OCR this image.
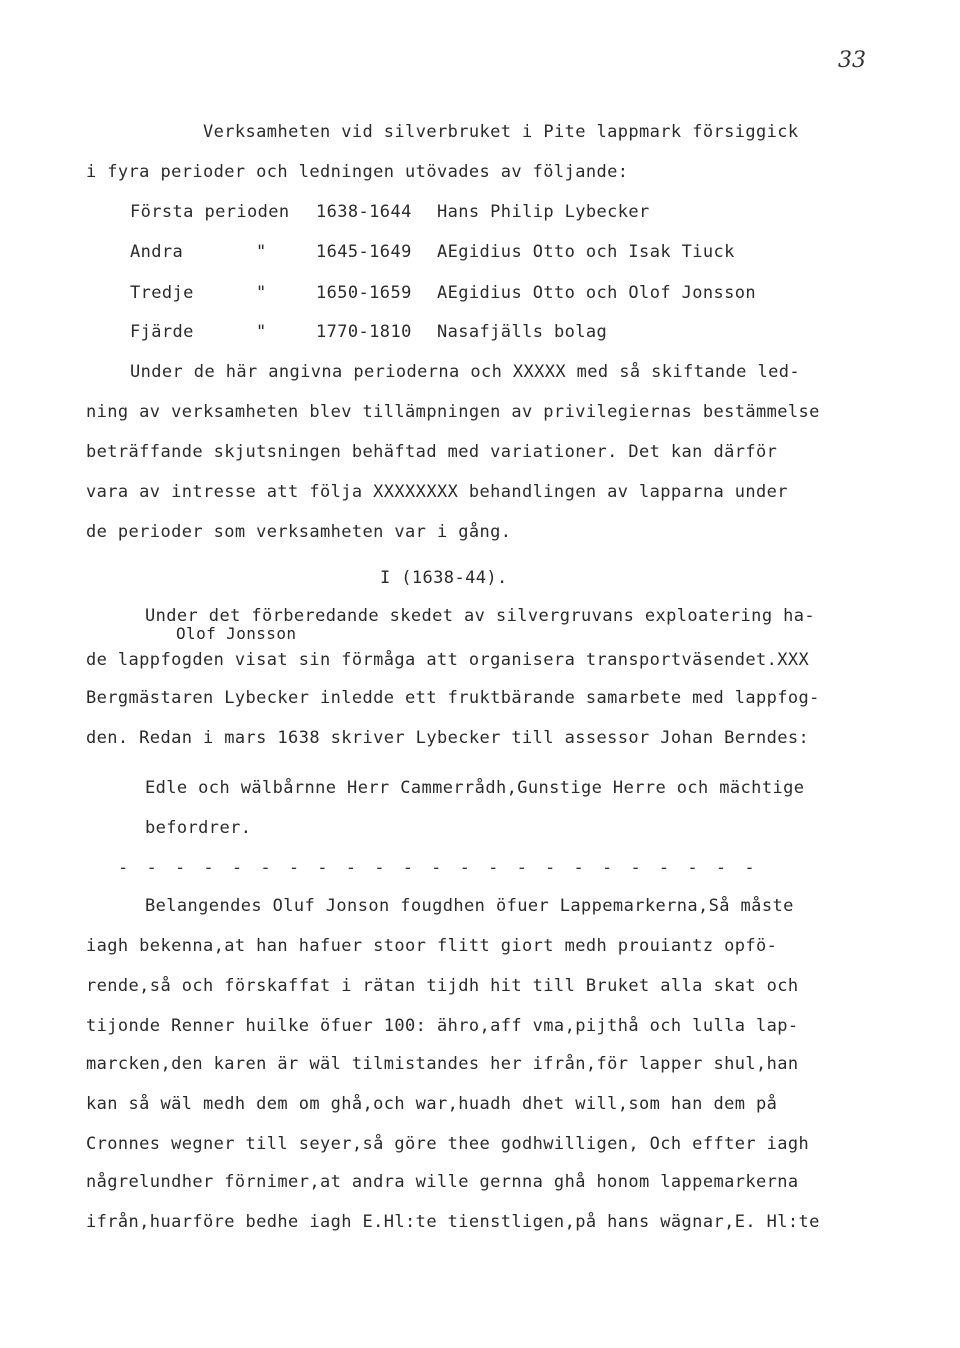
33
Verksamheten vid silverbruket i Pite lappmark försiggick
i fyra perioder och ledningen utövades av följande:
Första perioden 1638-1644 Hans Philip Lybecker
Andra	"	1645-1649 AEgidius Otto och Isak Tiuck
Tredje	"	1650-1659 AEgidius Otto och Olof Jonsson
Fjärde	"	1770-1810 Nasafjälls bolag
Under de här angivna perioderna och XXXXX med så skiftande led-
ning av verksamheten blev tillämpningen av privilegiernas bestämmelse
beträffande skjutsningen behäftad med variationer. Det kan därför
vara av intresse att följa XXXXXXXX behandlingen av lapparna under
de perioder som verksamheten var i gång.
I (1638-44).
Under det förberedande skedet av silvergruvans exploatering ha-
Olof Jonsson
de lappfogden visat sin förmåga att organisera transportväsendet.XXX
Bergmästaren Lybecker inledde ett fruktbärande samarbete med lappfog-
den. Redan i mars 1638 skriver Lybecker till assessor Johan Berndes:
Edle och wälbårnne Herr Cammerrådh,Gunstige Herre och mächtige
befordrer.
- - - - - - - - - - - - - - - - - - - - - - -
Belangendes Oluf Jonson fougdhen öfuer Lappemarkerna,Så måste
iagh bekenna,at han hafuer stoor flitt giort medh prouiantz opfö-
rende,så och förskaffat i rätan tijdh hit till Bruket alla skat och
tijonde Renner huilke öfuer 100: ähro,aff vma,pijthå och lulla lap-
marcken,den karen är wäl tilmistandes her ifrån,för lapper shul,han
kan så wäl medh dem om ghå,och war,huadh dhet will,som han dem på
Cronnes wegner till seyer,så göre thee godhwilligen, Och effter iagh
någrelundher förnimer,at andra wille gernna ghå honom lappemarkerna
ifrån,huarföre bedhe iagh E.Hl:te tienstligen,på hans wägnar,E. Hl:te
